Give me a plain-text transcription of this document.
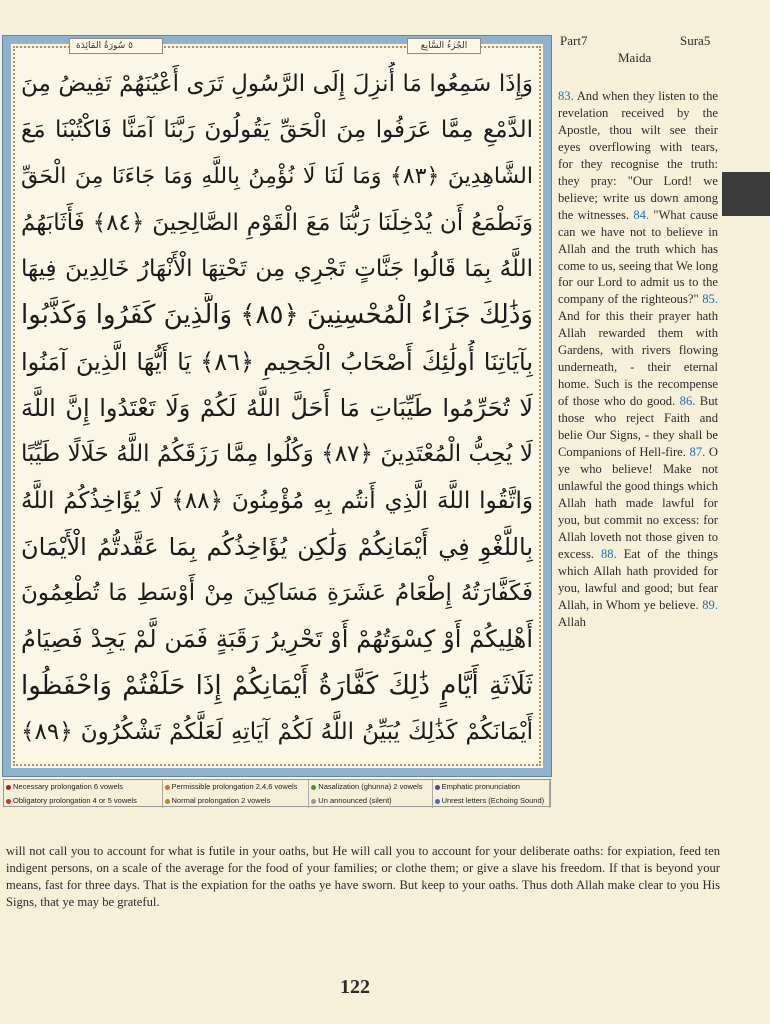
٥ سُورَةُ المَائِدَة	الجُزءُ السَّابِع
وَإِذَا سَمِعُوا مَا أُنزِلَ إِلَى الرَّسُولِ تَرَى أَعْيُنَهُمْ تَفِيضُ مِنَ
الدَّمْعِ مِمَّا عَرَفُوا مِنَ الْحَقِّ يَقُولُونَ رَبَّنَا آمَنَّا فَاكْتُبْنَا مَعَ
الشَّاهِدِينَ ﴿٨٣﴾ وَمَا لَنَا لَا نُؤْمِنُ بِاللَّهِ وَمَا جَاءَنَا مِنَ الْحَقِّ
وَنَطْمَعُ أَن يُدْخِلَنَا رَبُّنَا مَعَ الْقَوْمِ الصَّالِحِينَ ﴿٨٤﴾ فَأَثَابَهُمُ
اللَّهُ بِمَا قَالُوا جَنَّاتٍ تَجْرِي مِن تَحْتِهَا الْأَنْهَارُ خَالِدِينَ فِيهَا
وَذَٰلِكَ جَزَاءُ الْمُحْسِنِينَ ﴿٨٥﴾ وَالَّذِينَ كَفَرُوا وَكَذَّبُوا
بِآيَاتِنَا أُولَٰئِكَ أَصْحَابُ الْجَحِيمِ ﴿٨٦﴾ يَا أَيُّهَا الَّذِينَ آمَنُوا
لَا تُحَرِّمُوا طَيِّبَاتِ مَا أَحَلَّ اللَّهُ لَكُمْ وَلَا تَعْتَدُوا إِنَّ اللَّهَ
لَا يُحِبُّ الْمُعْتَدِينَ ﴿٨٧﴾ وَكُلُوا مِمَّا رَزَقَكُمُ اللَّهُ حَلَالًا طَيِّبًا
وَاتَّقُوا اللَّهَ الَّذِي أَنتُم بِهِ مُؤْمِنُونَ ﴿٨٨﴾ لَا يُؤَاخِذُكُمُ اللَّهُ
بِاللَّغْوِ فِي أَيْمَانِكُمْ وَلَٰكِن يُؤَاخِذُكُم بِمَا عَقَّدتُّمُ الْأَيْمَانَ
فَكَفَّارَتُهُ إِطْعَامُ عَشَرَةِ مَسَاكِينَ مِنْ أَوْسَطِ مَا تُطْعِمُونَ
أَهْلِيكُمْ أَوْ كِسْوَتُهُمْ أَوْ تَحْرِيرُ رَقَبَةٍ فَمَن لَّمْ يَجِدْ فَصِيَامُ
ثَلَاثَةِ أَيَّامٍ ذَٰلِكَ كَفَّارَةُ أَيْمَانِكُمْ إِذَا حَلَفْتُمْ وَاحْفَظُوا
أَيْمَانَكُمْ كَذَٰلِكَ يُبَيِّنُ اللَّهُ لَكُمْ آيَاتِهِ لَعَلَّكُمْ تَشْكُرُونَ ﴿٨٩﴾
Necessary prolongation 6 vowels	Permissible prolongation 2,4,6 vowels	Nasalization (ghunna) 2 vowels	Emphatic pronunciation
Obligatory prolongation 4 or 5 vowels	Normal prolongation 2 vowels	Un announced (silent)	Unrest letters (Echoing Sound)
Part7	Sura5
Maida
83. And when they listen to the revelation received by the Apostle, thou wilt see their eyes overflowing with tears, for they recognise the truth: they pray: "Our Lord! we believe; write us down among the witnesses. 84. "What cause can we have not to believe in Allah and the truth which has come to us, seeing that We long for our Lord to admit us to the company of the righteous?" 85. And for this their prayer hath Allah rewarded them with Gardens, with rivers flowing underneath, - their eternal home. Such is the recompense of those who do good. 86. But those who reject Faith and belie Our Signs, - they shall be Companions of Hell-fire. 87. O ye who believe! Make not unlawful the good things which Allah hath made lawful for you, but commit no excess: for Allah loveth not those given to excess. 88. Eat of the things which Allah hath provided for you, lawful and good; but fear Allah, in Whom ye believe. 89. Allah
will not call you to account for what is futile in your oaths, but He will call you to account for your deliberate oaths: for expiation, feed ten indigent persons, on a scale of the average for the food of your families; or clothe them; or give a slave his freedom. If that is beyond your means, fast for three days. That is the expiation for the oaths ye have sworn. But keep to your oaths. Thus doth Allah make clear to you His Signs, that ye may be grateful.
122
